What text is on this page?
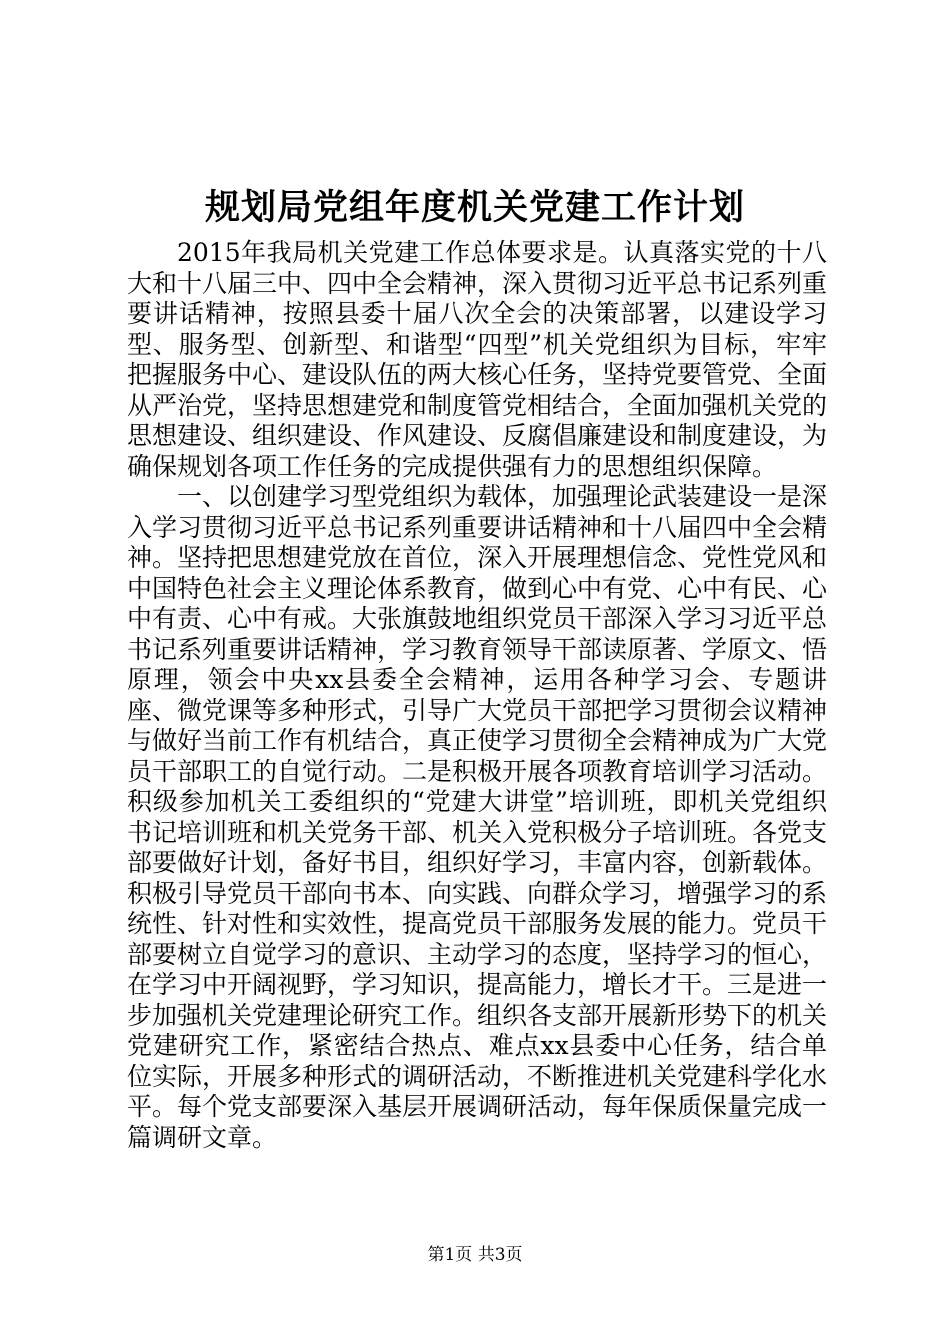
规划局党组年度机关党建工作计划

2015年我局机关党建工作总体要求是。认真落实党的十八大和十八届三中、四中全会精神，深入贯彻习近平总书记系列重要讲话精神，按照县委十届八次全会的决策部署，以建设学习型、服务型、创新型、和谐型“四型”机关党组织为目标，牢牢把握服务中心、建设队伍的两大核心任务，坚持党要管党、全面从严治党，坚持思想建党和制度管党相结合，全面加强机关党的思想建设、组织建设、作风建设、反腐倡廉建设和制度建设，为确保规划各项工作任务的完成提供强有力的思想组织保障。

一、以创建学习型党组织为载体，加强理论武装建设一是深入学习贯彻习近平总书记系列重要讲话精神和十八届四中全会精神。坚持把思想建党放在首位，深入开展理想信念、党性党风和中国特色社会主义理论体系教育，做到心中有党、心中有民、心中有责、心中有戒。大张旗鼓地组织党员干部深入学习习近平总书记系列重要讲话精神，学习教育领导干部读原著、学原文、悟原理，领会中央xx县委全会精神，运用各种学习会、专题讲座、微党课等多种形式，引导广大党员干部把学习贯彻会议精神与做好当前工作有机结合，真正使学习贯彻全会精神成为广大党员干部职工的自觉行动。二是积极开展各项教育培训学习活动。积级参加机关工委组织的“党建大讲堂”培训班，即机关党组织书记培训班和机关党务干部、机关入党积极分子培训班。各党支部要做好计划，备好书目，组织好学习，丰富内容，创新载体。积极引导党员干部向书本、向实践、向群众学习，增强学习的系统性、针对性和实效性，提高党员干部服务发展的能力。党员干部要树立自觉学习的意识、主动学习的态度，坚持学习的恒心，在学习中开阔视野，学习知识，提高能力，增长才干。三是进一步加强机关党建理论研究工作。组织各支部开展新形势下的机关党建研究工作，紧密结合热点、难点xx县委中心任务，结合单位实际，开展多种形式的调研活动，不断推进机关党建科学化水平。每个党支部要深入基层开展调研活动，每年保质保量完成一篇调研文章。

第1页 共3页
